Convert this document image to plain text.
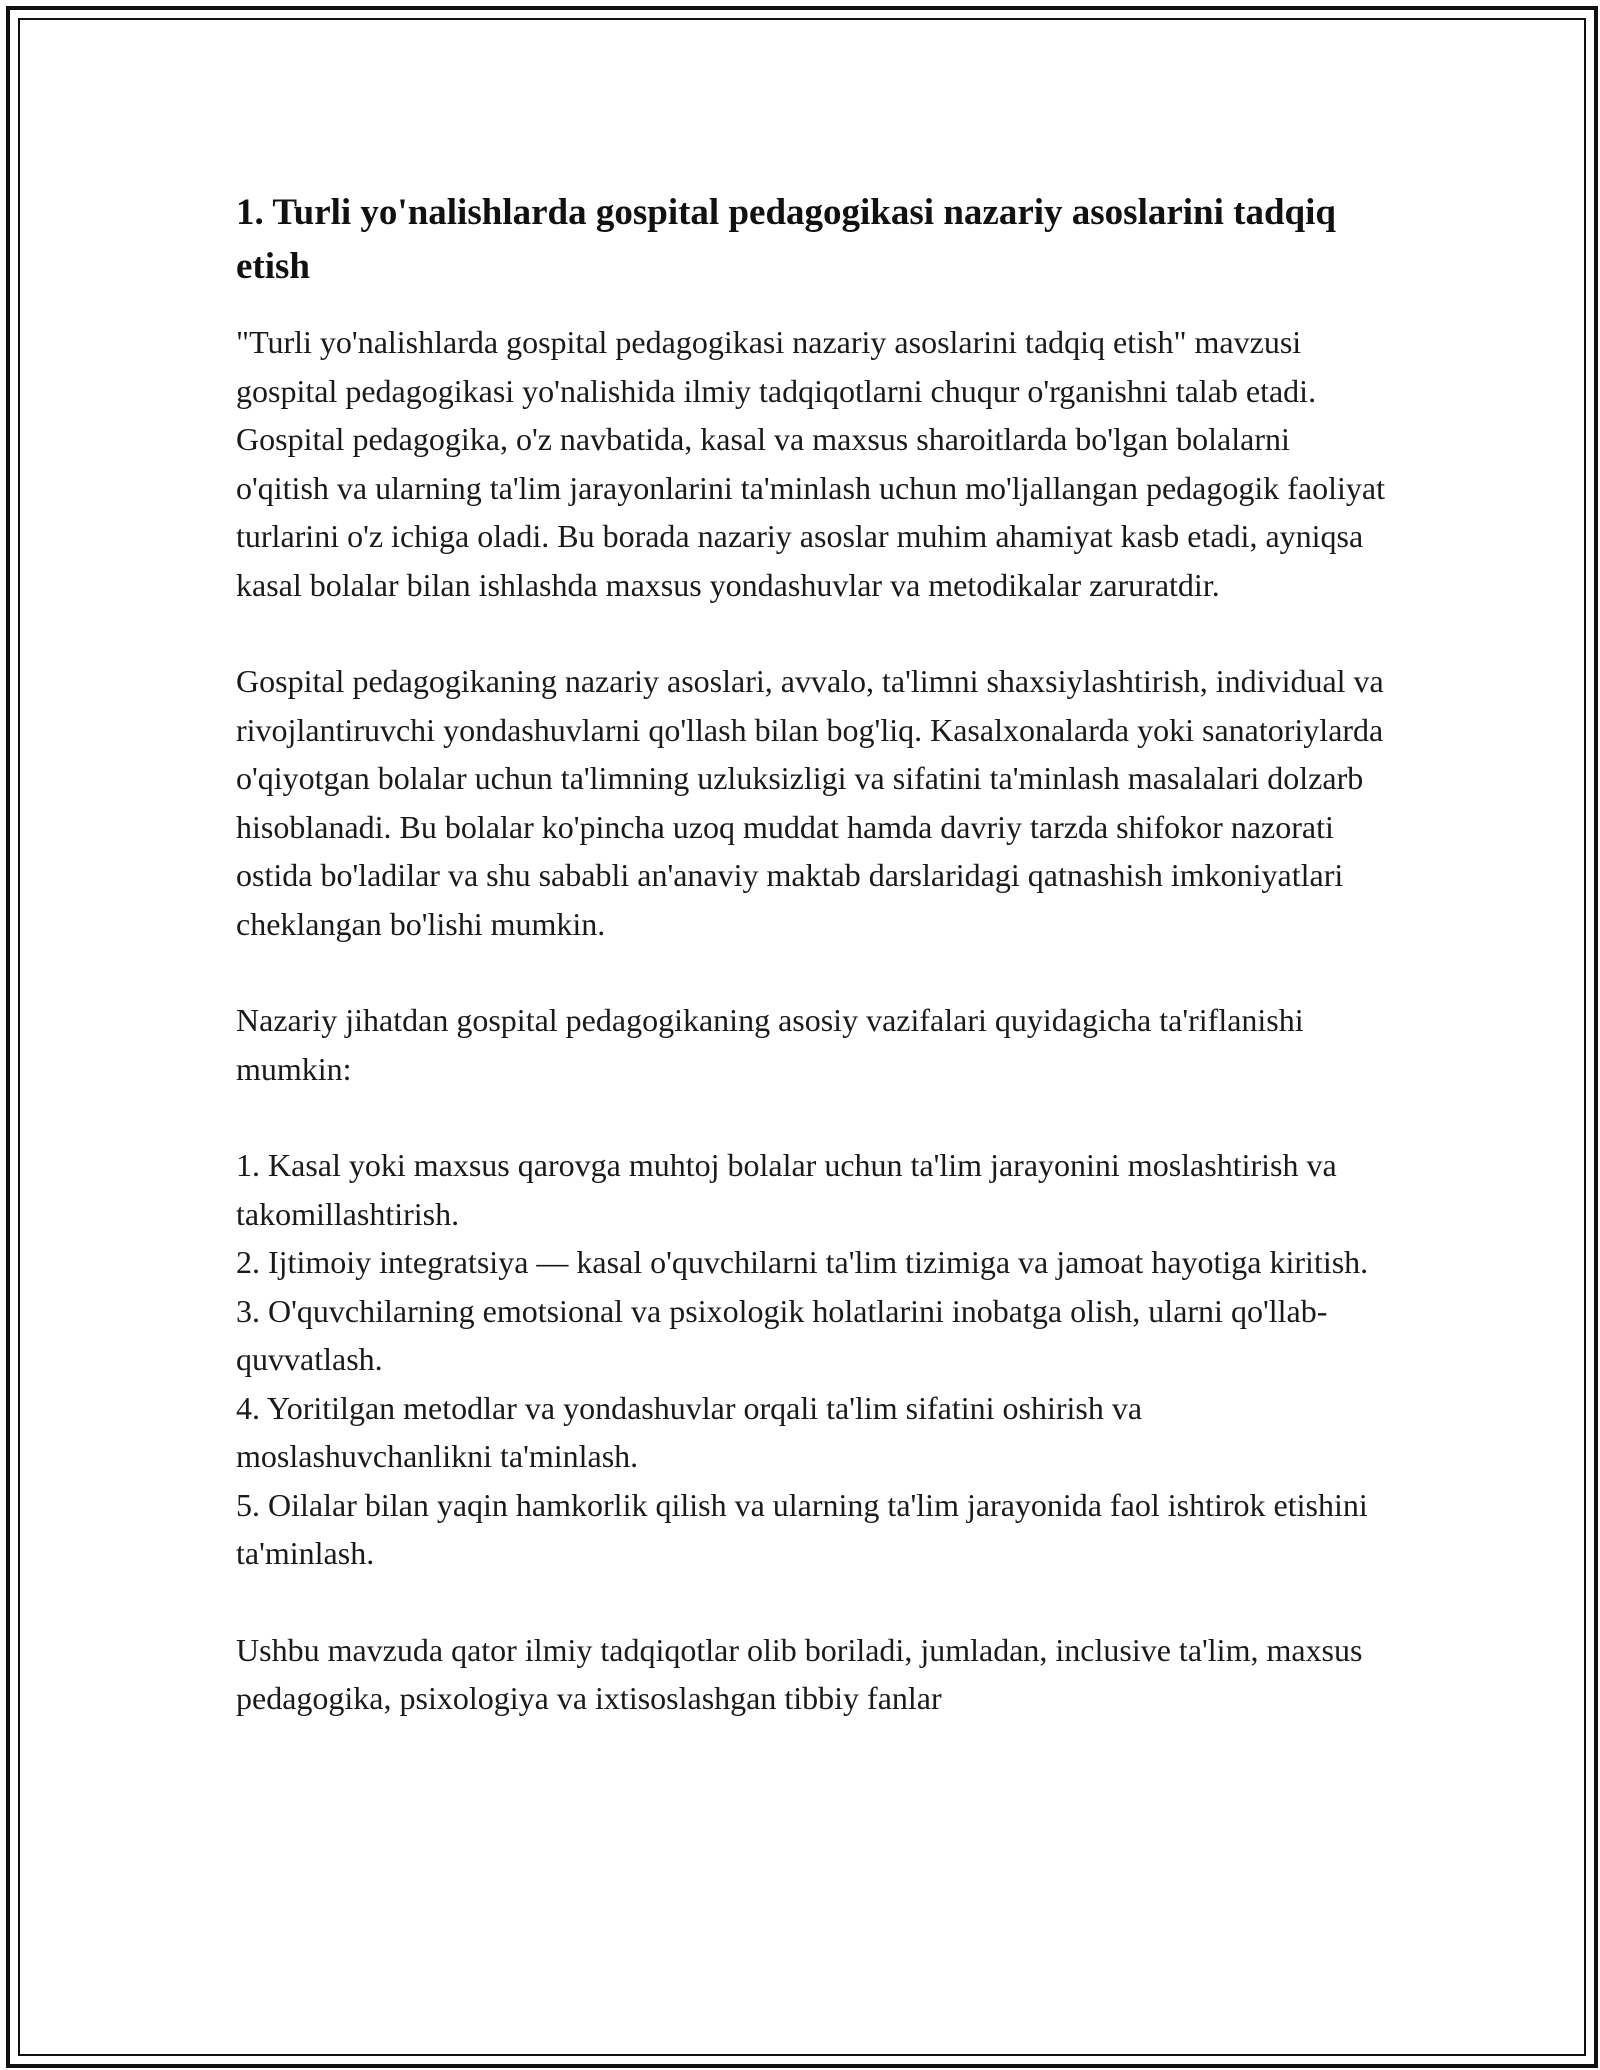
1. Turli yo'nalishlarda gospital pedagogikasi nazariy asoslarini tadqiq etish

"Turli yo'nalishlarda gospital pedagogikasi nazariy asoslarini tadqiq etish" mavzusi gospital pedagogikasi yo'nalishida ilmiy tadqiqotlarni chuqur o'rganishni talab etadi. Gospital pedagogika, o'z navbatida, kasal va maxsus sharoitlarda bo'lgan bolalarni o'qitish va ularning ta'lim jarayonlarini ta'minlash uchun mo'ljallangan pedagogik faoliyat turlarini o'z ichiga oladi. Bu borada nazariy asoslar muhim ahamiyat kasb etadi, ayniqsa kasal bolalar bilan ishlashda maxsus yondashuvlar va metodikalar zaruratdir.

Gospital pedagogikaning nazariy asoslari, avvalo, ta'limni shaxsiylashtirish, individual va rivojlantiruvchi yondashuvlarni qo'llash bilan bog'liq. Kasalxonalarda yoki sanatoriylarda o'qiyotgan bolalar uchun ta'limning uzluksizligi va sifatini ta'minlash masalalari dolzarb hisoblanadi. Bu bolalar ko'pincha uzoq muddat hamda davriy tarzda shifokor nazorati ostida bo'ladilar va shu sababli an'anaviy maktab darslaridagi qatnashish imkoniyatlari cheklangan bo'lishi mumkin.

Nazariy jihatdan gospital pedagogikaning asosiy vazifalari quyidagicha ta'riflanishi mumkin:

1. Kasal yoki maxsus qarovga muhtoj bolalar uchun ta'lim jarayonini moslashtirish va takomillashtirish.
2. Ijtimoiy integratsiya — kasal o'quvchilarni ta'lim tizimiga va jamoat hayotiga kiritish.
3. O'quvchilarning emotsional va psixologik holatlarini inobatga olish, ularni qo'llab-quvvatlash.
4. Yoritilgan metodlar va yondashuvlar orqali ta'lim sifatini oshirish va moslashuvchanlikni ta'minlash.
5. Oilalar bilan yaqin hamkorlik qilish va ularning ta'lim jarayonida faol ishtirok etishini ta'minlash.

Ushbu mavzuda qator ilmiy tadqiqotlar olib boriladi, jumladan, inclusive ta'lim, maxsus pedagogika, psixologiya va ixtisoslashgan tibbiy fanlar
